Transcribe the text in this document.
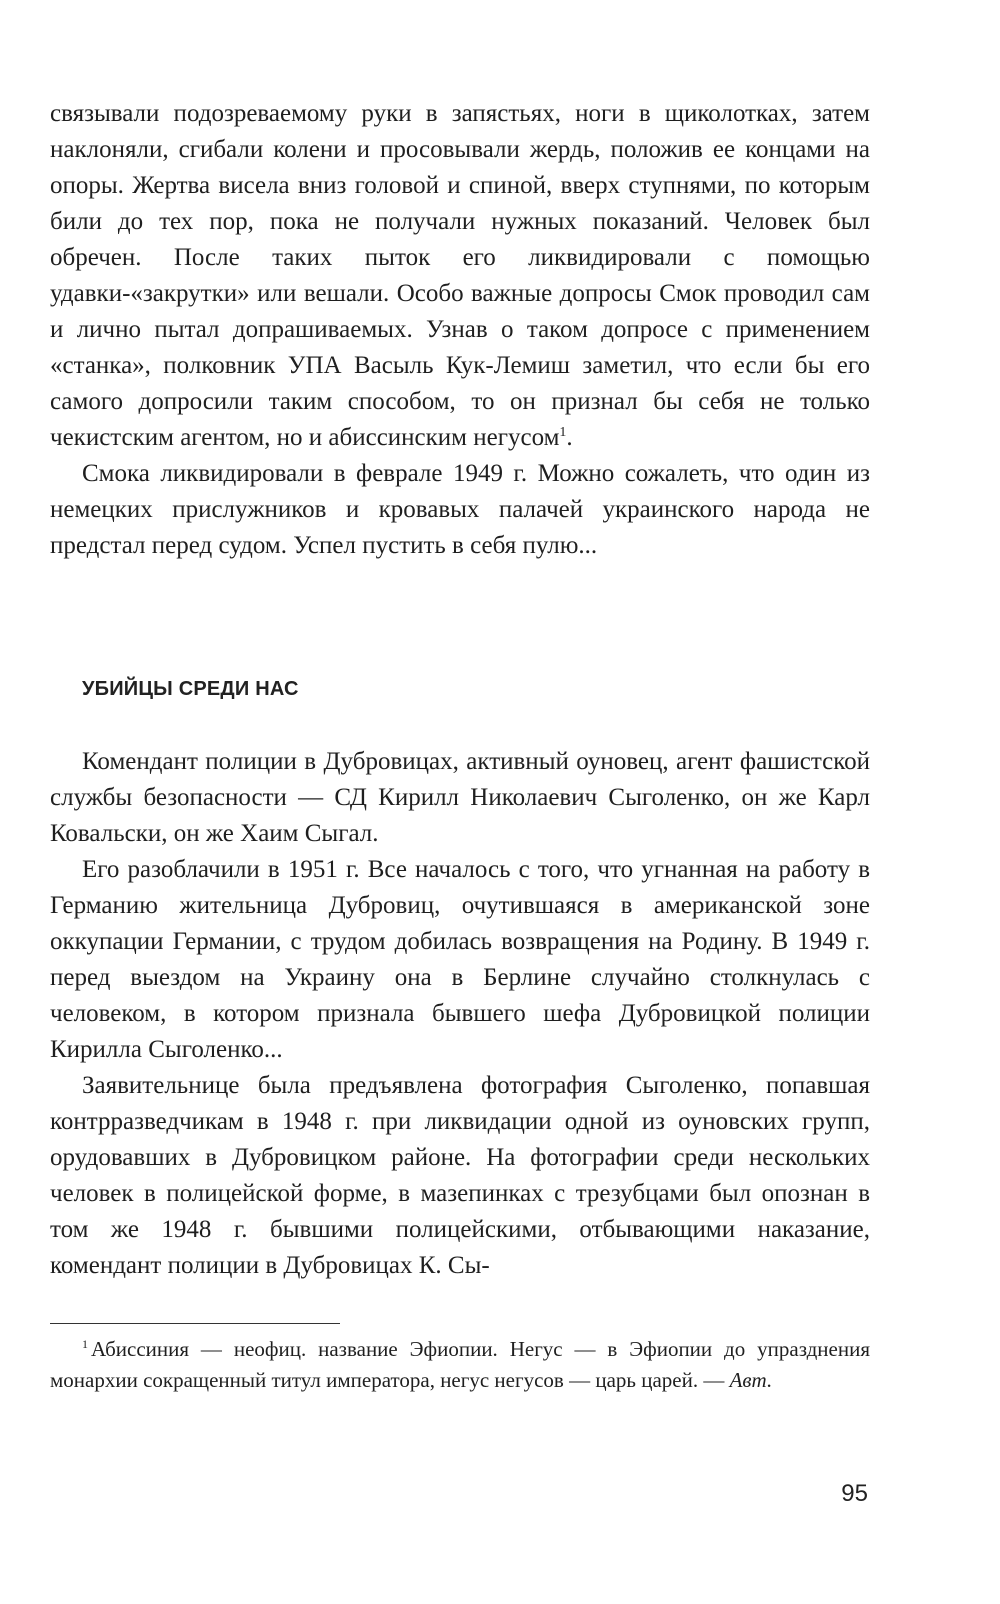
связывали подозреваемому руки в запястьях, ноги в щиколотках, затем наклоняли, сгибали колени и просовывали жердь, положив ее концами на опоры. Жертва висела вниз головой и спиной, вверх ступнями, по которым били до тех пор, пока не получали нужных показаний. Человек был обречен. После таких пыток его ликвидировали с помощью удавки-«закрутки» или вешали. Особо важные допросы Смок проводил сам и лично пытал допрашиваемых. Узнав о таком допросе с применением «станка», полковник УПА Васыль Кук-Лемиш заметил, что если бы его самого допросили таким способом, то он признал бы себя не только чекистским агентом, но и абиссинским негусом$^1$.

Смока ликвидировали в феврале 1949 г. Можно сожалеть, что один из немецких прислужников и кровавых палачей украинского народа не предстал перед судом. Успел пустить в себя пулю...

УБИЙЦЫ СРЕДИ НАС

Комендант полиции в Дубровицах, активный оуновец, агент фашистской службы безопасности — СД Кирилл Николаевич Сыголенко, он же Карл Ковальски, он же Хаим Сыгал.

Его разоблачили в 1951 г. Все началось с того, что угнанная на работу в Германию жительница Дубровиц, очутившаяся в американской зоне оккупации Германии, с трудом добилась возвращения на Родину. В 1949 г. перед выездом на Украину она в Берлине случайно столкнулась с человеком, в котором признала бывшего шефа Дубровицкой полиции Кирилла Сыголенко...

Заявительнице была предъявлена фотография Сыголенко, попавшая контрразведчикам в 1948 г. при ликвидации одной из оуновских групп, орудовавших в Дубровицком районе. На фотографии среди нескольких человек в полицейской форме, в мазепинках с трезубцами был опознан в том же 1948 г. бывшими полицейскими, отбывающими наказание, комендант полиции в Дубровицах К. Сы-

$^1$ Абиссиния — неофиц. название Эфиопии. Негус — в Эфиопии до упразднения монархии сокращенный титул императора, негус негусов — царь царей. — Авт.

95
